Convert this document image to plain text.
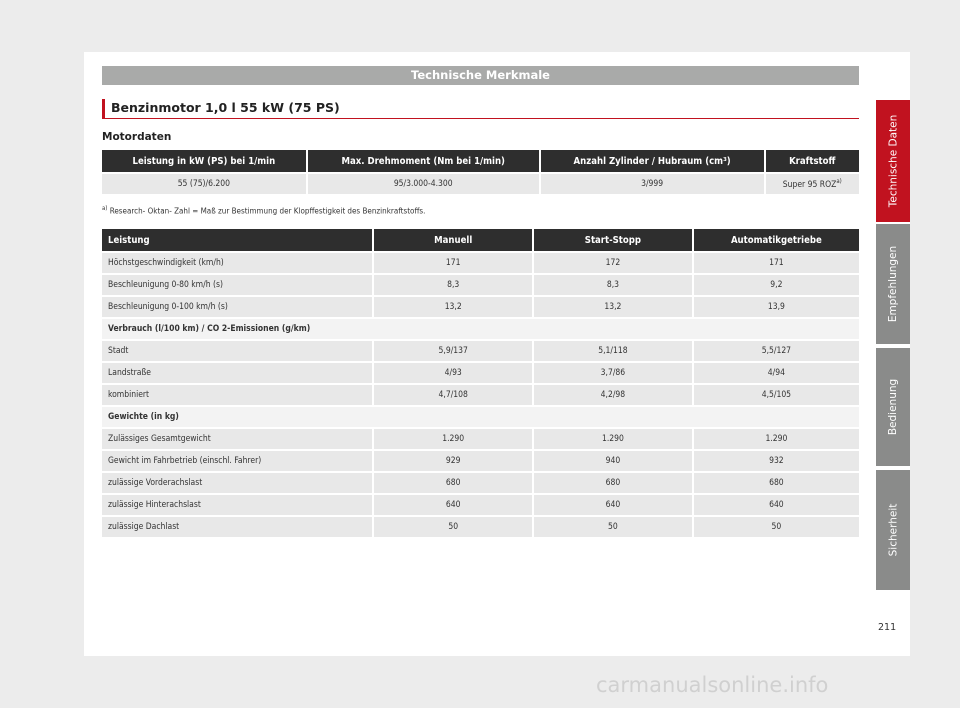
Technische Merkmale
Benzinmotor 1,0 l 55 kW (75 PS)
Motordaten
Leistung in kW (PS) bei 1/min	Max. Drehmoment (Nm bei 1/min)	Anzahl Zylinder / Hubraum (cm³)	Kraftstoff
55 (75)/6.200	95/3.000-4.300	3/999	Super 95 ROZ$^{a)}$
$^{a)}$ Research- Oktan- Zahl = Maß zur Bestimmung der Klopffestigkeit des Benzinkraftstoffs.
Leistung	Manuell	Start-Stopp	Automatikgetriebe
Höchstgeschwindigkeit (km/h)	171	172	171
Beschleunigung 0-80 km/h (s)	8,3	8,3	9,2
Beschleunigung 0-100 km/h (s)	13,2	13,2	13,9
Verbrauch (l/100 km) / CO 2-Emissionen (g/km)			
Stadt	5,9/137	5,1/118	5,5/127
Landstraße	4/93	3,7/86	4/94
kombiniert	4,7/108	4,2/98	4,5/105
Gewichte (in kg)			
Zulässiges Gesamtgewicht	1.290	1.290	1.290
Gewicht im Fahrbetrieb (einschl. Fahrer)	929	940	932
zulässige Vorderachslast	680	680	680
zulässige Hinterachslast	640	640	640
zulässige Dachlast	50	50	50
Technische Daten
Empfehlungen
Bedienung
Sicherheit
211
carmanualsonline.info
